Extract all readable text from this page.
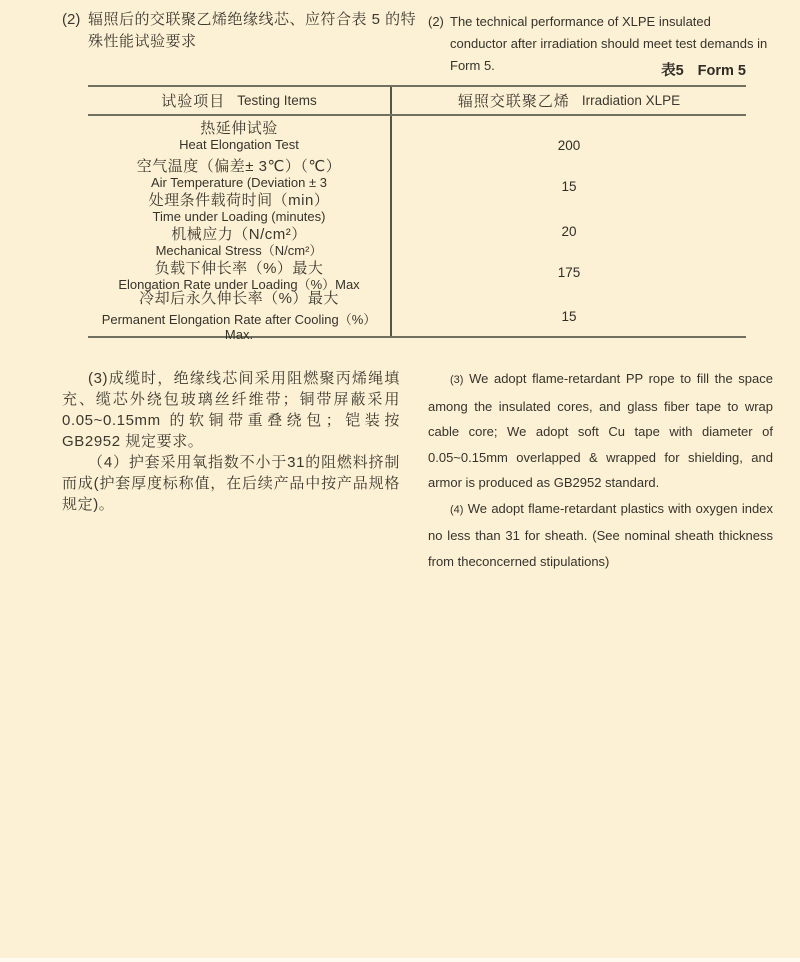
(2) 辐照后的交联聚乙烯绝缘线芯、应符合表 5 的特
殊性能试验要求
(2) The technical performance of XLPE insulated
conductor after irradiation should meet test demands in Form 5.	表5 Form 5
试验项目 Testing Items	辐照交联聚乙烯 Irradiation XLPE
热延伸试验
Heat Elongation Test
空气温度（偏差± 3℃）（℃）
Air Temperature (Deviation ± 3
处理条件载荷时间（min）
Time under Loading (minutes)
机械应力（N/cm²）
Mechanical Stress（N/cm²）
负载下伸长率（%）最大
Elongation Rate under Loading（%）Max
冷却后永久伸长率（%）最大
Permanent Elongation Rate after Cooling（%）Max.
200
15
20
175
15

(3)成缆时，绝缘线芯间采用阻燃聚丙烯绳填充、缆芯外绕包玻璃丝纤维带；铜带屏蔽采用0.05~0.15mm 的软铜带重叠绕包；铠装按GB2952 规定要求。

（4）护套采用氧指数不小于31的阻燃料挤制而成(护套厚度标称值，在后续产品中按产品规格规定)。

(3) We adopt flame-retardant PP rope to fill the space among the insulated cores, and glass fiber tape to wrap cable core; We adopt soft Cu tape with diameter of 0.05~0.15mm overlapped & wrapped for shielding, and armor is produced as GB2952 standard.

(4) We adopt flame-retardant plastics with oxygen index no less than 31 for sheath. (See nominal sheath thickness from theconcerned stipulations)
